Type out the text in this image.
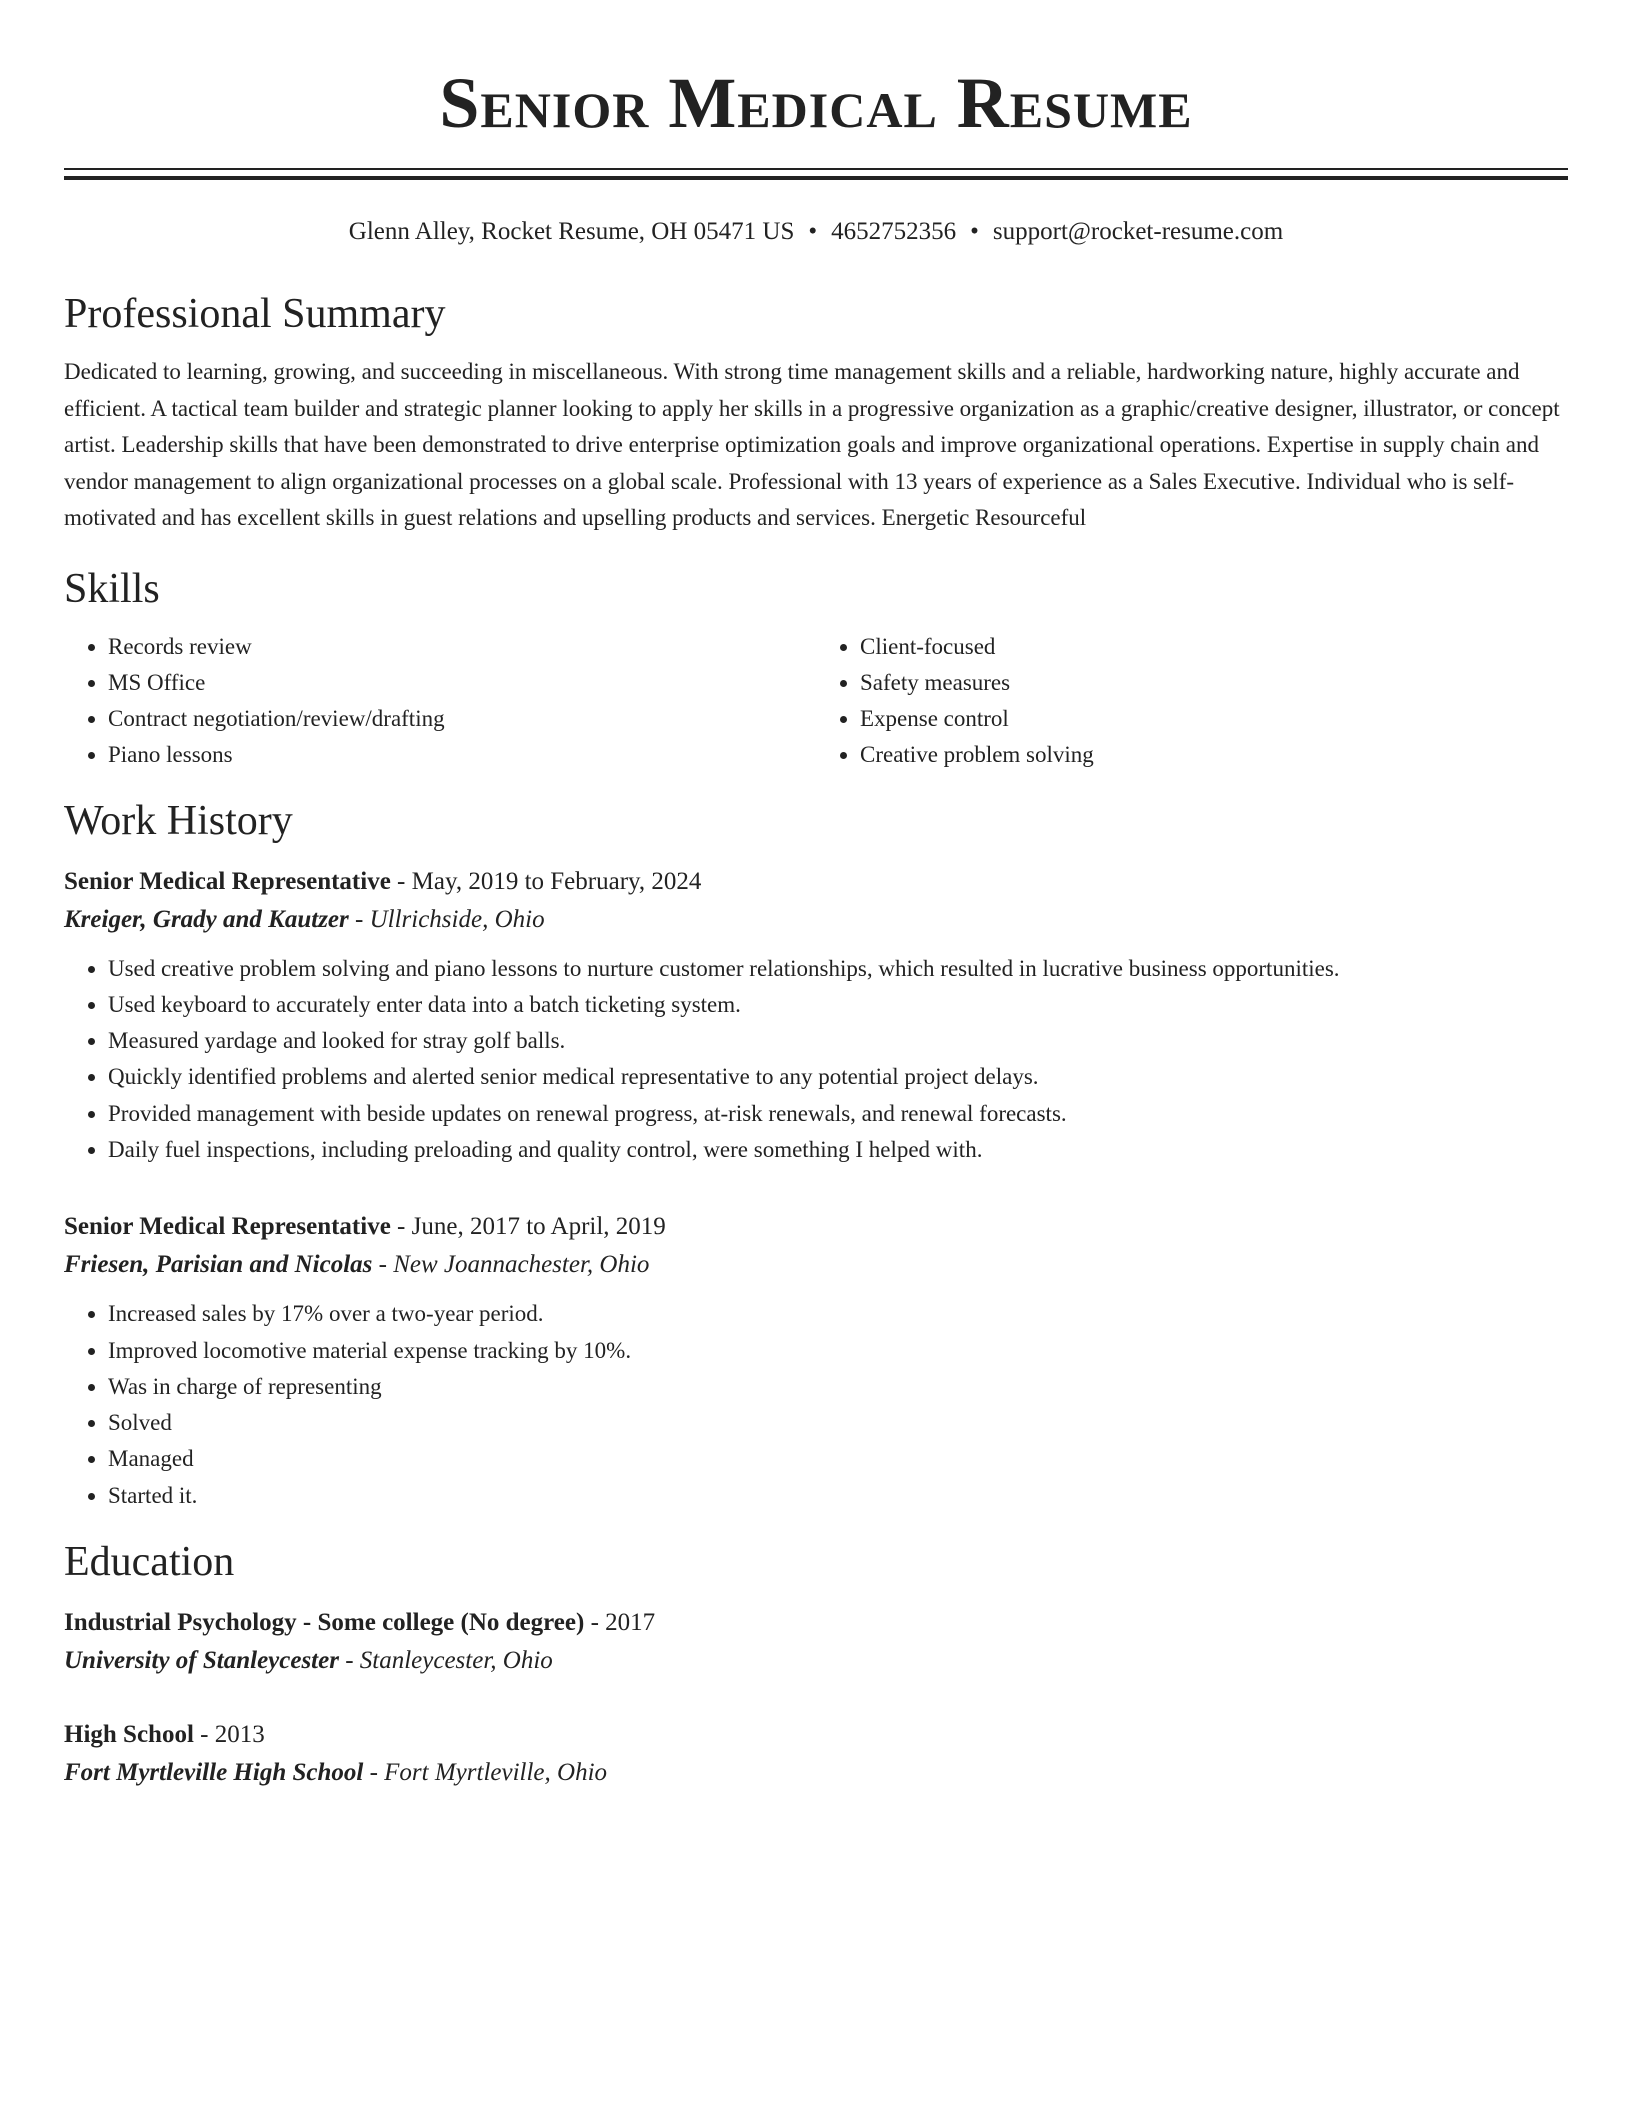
Senior Medical Resume
Glenn Alley, Rocket Resume, OH 05471 US • 4652752356 • support@rocket-resume.com
Professional Summary
Dedicated to learning, growing, and succeeding in miscellaneous. With strong time management skills and a reliable, hardworking nature, highly accurate and efficient. A tactical team builder and strategic planner looking to apply her skills in a progressive organization as a graphic/creative designer, illustrator, or concept artist. Leadership skills that have been demonstrated to drive enterprise optimization goals and improve organizational operations. Expertise in supply chain and vendor management to align organizational processes on a global scale. Professional with 13 years of experience as a Sales Executive. Individual who is self-motivated and has excellent skills in guest relations and upselling products and services. Energetic Resourceful
Skills
• Records review
• MS Office
• Contract negotiation/review/drafting
• Piano lessons
• Client-focused
• Safety measures
• Expense control
• Creative problem solving
Work History
Senior Medical Representative - May, 2019 to February, 2024
Kreiger, Grady and Kautzer - Ullrichside, Ohio
• Used creative problem solving and piano lessons to nurture customer relationships, which resulted in lucrative business opportunities.
• Used keyboard to accurately enter data into a batch ticketing system.
• Measured yardage and looked for stray golf balls.
• Quickly identified problems and alerted senior medical representative to any potential project delays.
• Provided management with beside updates on renewal progress, at-risk renewals, and renewal forecasts.
• Daily fuel inspections, including preloading and quality control, were something I helped with.
Senior Medical Representative - June, 2017 to April, 2019
Friesen, Parisian and Nicolas - New Joannachester, Ohio
• Increased sales by 17% over a two-year period.
• Improved locomotive material expense tracking by 10%.
• Was in charge of representing
• Solved
• Managed
• Started it.
Education
Industrial Psychology - Some college (No degree) - 2017
University of Stanleycester - Stanleycester, Ohio
High School - 2013
Fort Myrtleville High School - Fort Myrtleville, Ohio
